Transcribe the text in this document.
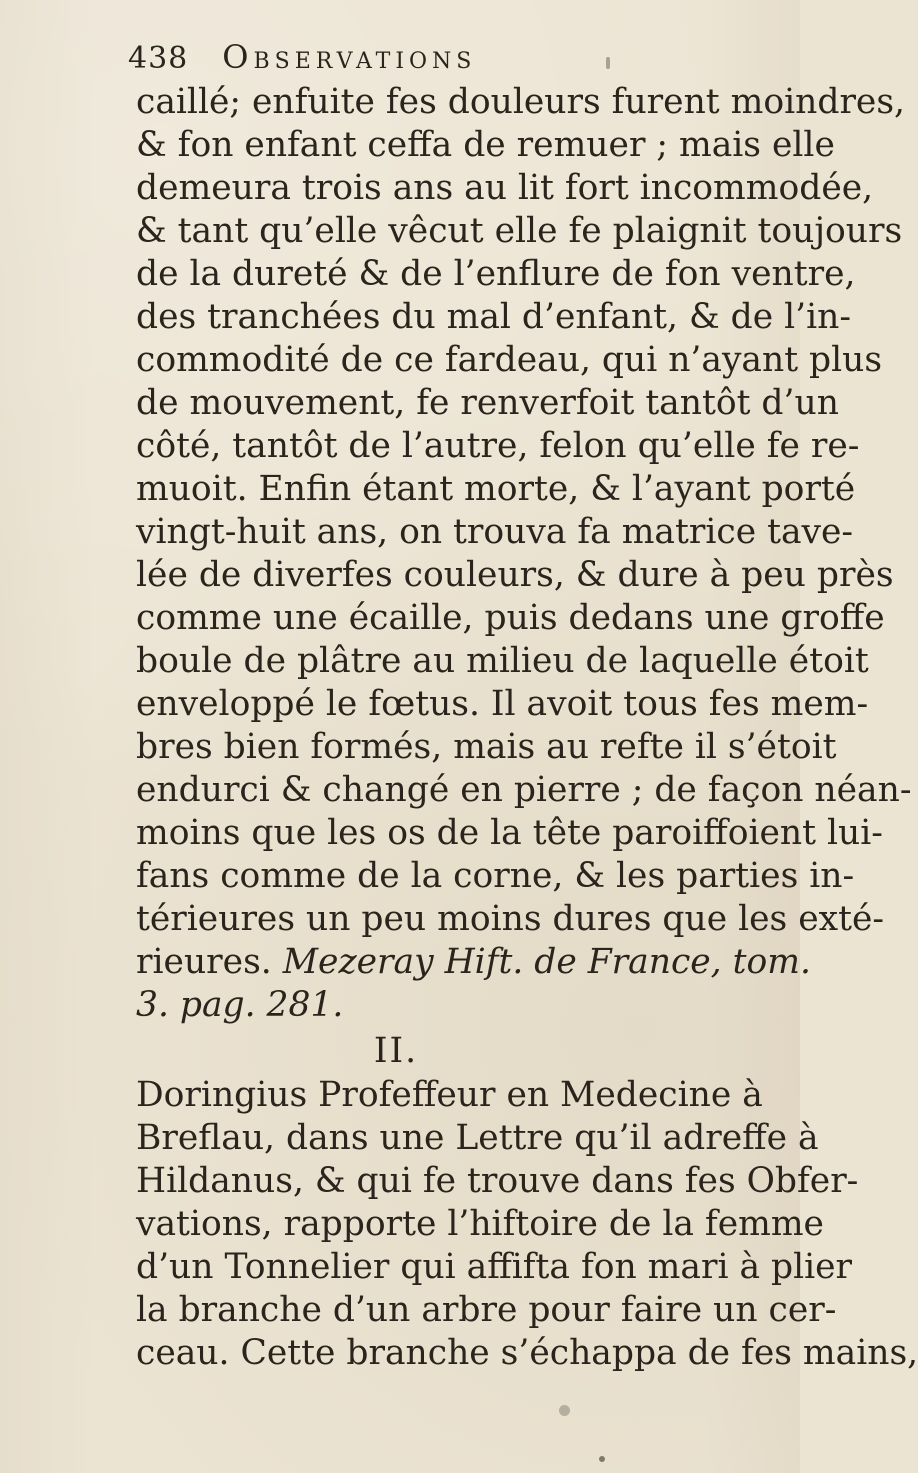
438 Observations
caillé; enfuite fes douleurs furent moindres,
& fon enfant ceffa de remuer ; mais elle
demeura trois ans au lit fort incommodée,
& tant qu’elle vêcut elle fe plaignit toujours
de la dureté & de l’enflure de fon ventre,
des tranchées du mal d’enfant, & de l’in-
commodité de ce fardeau, qui n’ayant plus
de mouvement, fe renverfoit tantôt d’un
côté, tantôt de l’autre, felon qu’elle fe re-
muoit. Enfin étant morte, & l’ayant porté
vingt-huit ans, on trouva fa matrice tave-
lée de diverfes couleurs, & dure à peu près
comme une écaille, puis dedans une groffe
boule de plâtre au milieu de laquelle étoit
enveloppé le fœtus. Il avoit tous fes mem-
bres bien formés, mais au refte il s’étoit
endurci & changé en pierre ; de façon néan-
moins que les os de la tête paroiffoient lui-
fans comme de la corne, & les parties in-
térieures un peu moins dures que les exté-
rieures. Mezeray Hift. de France, tom.
3. pag. 281.
II.
Doringius Profeffeur en Medecine à
Breflau, dans une Lettre qu’il adreffe à
Hildanus, & qui fe trouve dans fes Obfer-
vations, rapporte l’hiftoire de la femme
d’un Tonnelier qui affifta fon mari à plier
la branche d’un arbre pour faire un cer-
ceau. Cette branche s’échappa de fes mains,
